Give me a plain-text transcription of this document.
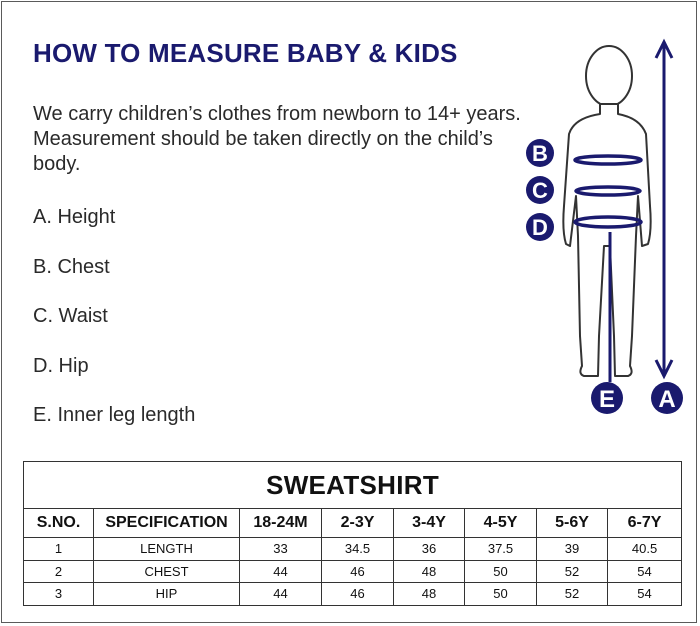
HOW TO MEASURE BABY & KIDS

We carry children’s clothes from newborn to 14+ years. Measurement should be taken directly on the child’s body.

A. Height
B. Chest
C. Waist
D. Hip
E. Inner leg length
B
C
D
E A
SWEATSHIRT							
S.NO.	SPECIFICATION	18-24M	2-3Y	3-4Y	4-5Y	5-6Y	6-7Y
1	LENGTH	33	34.5	36	37.5	39	40.5
2	CHEST	44	46	48	50	52	54
3	HIP	44	46	48	50	52	54
